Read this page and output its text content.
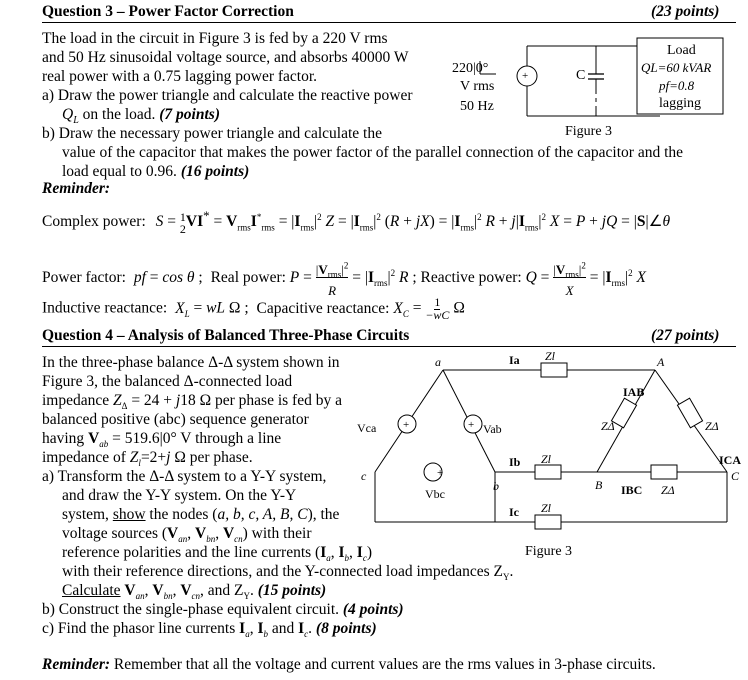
Question 3 – Power Factor Correction	(23 points)
The load in the circuit in Figure 3 is fed by a 220 V rms
and 50 Hz sinusoidal voltage source, and absorbs 40000 W
real power with a 0.75 lagging power factor.
a) Draw the power triangle and calculate the reactive power
$Q_L$ on the load. (7 points)
b) Draw the necessary power triangle and calculate the
value of the capacitor that makes the power factor of the parallel connection of the capacitor and the
load equal to 0.96. (16 points)
Reminder:
220|0°
V rms
50 Hz
+	C
Load
QL=60 kVAR
pf=0.8
lagging
Figure 3
Complex power: S = 1
$2VI^* = V_{rms}I^*_{rms} = |I_{rms}|^2$ $Z = |I_{rms}|^2$ $(R + jX) = |I_{rms}|^2$ $R + j|I_{rms}|^2$ X = P + jQ = |S|∠θ
Power factor: pf = cos θ ; Real power: $P = |V_{rms}|^2$
$R = |I_{rms}|^2$ R ; Reactive power: $Q = |V_{rms}|^2$
$X = |I_{rms}|^2$ X
Inductive reactance: $X_L$ = wL Ω ; Capacitive reactance: $X_C = \frac{1}{-wC}$ Ω
Question 4 – Analysis of Balanced Three-Phase Circuits	(27 points)
In the three-phase balance Δ-Δ system shown in
Figure 3, the balanced Δ-connected load
impedance $Z_\Delta = 24 + j18$ Ω per phase is fed by a
balanced positive (abc) sequence generator
having $V_{ab} = 519.6|0^\circ$ V through a line
impedance of $Z_l=2+j$ Ω per phase.
a) Transform the Δ-Δ system to a Y-Y system,
and draw the Y-Y system. On the Y-Y
system, show the nodes (a, b, c, A, B, C), the
voltage sources ($V_{an}$, $V_{bn}$, $V_{cn}$) with their
reference polarities and the line currents ($I_a$, $I_b$, $I_c$)
with their reference directions, and the Y-connected load impedances $Z_Y$.
Calculate $V_{an}$, $V_{bn}$, $V_{cn}$, and $Z_Y$. (15 points)
b) Construct the single-phase equivalent circuit. (4 points)
c) Find the phasor line currents $I_a$, $I_b$ and $I_c$. (8 points)
Reminder: Remember that all the voltage and current values are the rms values in 3-phase circuits.
+	+
+
Vca	Vab
Vbc
Zl
Zl
Zl
Ia
Ib
Ic
a
c
b
A
B
C
ZΔ	ZΔ
ZΔ
IAB
IBC
ICA
Figure 3
